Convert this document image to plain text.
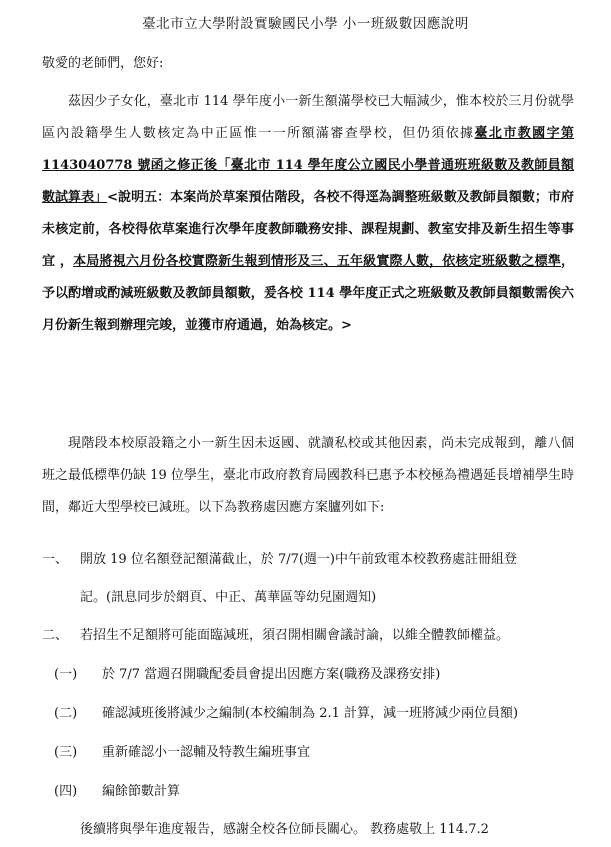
臺北市立大學附設實驗國民小學 小一班級數因應說明
敬愛的老師們，您好:

茲因少子女化，臺北市 114 學年度小一新生額滿學校已大幅減少，惟本校於三月份就學區內設籍學生人數核定為中正區惟一一所額滿審查學校，但仍須依據臺北市教國字第 1143040778 號函之修正後「臺北市 114 學年度公立國民小學普通班班級數及教師員額數試算表」<說明五：本案尚於草案預估階段，各校不得逕為調整班級數及教師員額數；市府未核定前，各校得依草案進行次學年度教師職務安排、課程規劃、教室安排及新生招生等事宜 ，本局將視六月份各校實際新生報到情形及三、五年級實際人數，依核定班級數之標準，予以酌增或酌減班級數及教師員額數，爰各校 114 學年度正式之班級數及教師員額數需俟六月份新生報到辦理完竣，並獲市府通過，始為核定。>

現階段本校原設籍之小一新生因未返國、就讀私校或其他因素，尚未完成報到，離八個班之最低標準仍缺 19 位學生，臺北市政府教育局國教科已惠予本校極為禮遇延長增補學生時間，鄰近大型學校已減班。以下為教務處因應方案臚列如下:

一、 開放 19 位名額登記額滿截止，於 7/7(週一)中午前致電本校教務處註冊組登
記。(訊息同步於網頁、中正、萬華區等幼兒園週知)
二、 若招生不足額將可能面臨減班，須召開相關會議討論，以維全體教師權益。
(一) 於 7/7 當週召開職配委員會提出因應方案(職務及課務安排)
(二) 確認減班後將減少之編制(本校編制為 2.1 計算，減一班將減少兩位員額)
(三) 重新確認小一認輔及特教生編班事宜
(四) 編餘節數計算
後續將與學年進度報告，感謝全校各位師長關心。 教務處敬上 114.7.2
